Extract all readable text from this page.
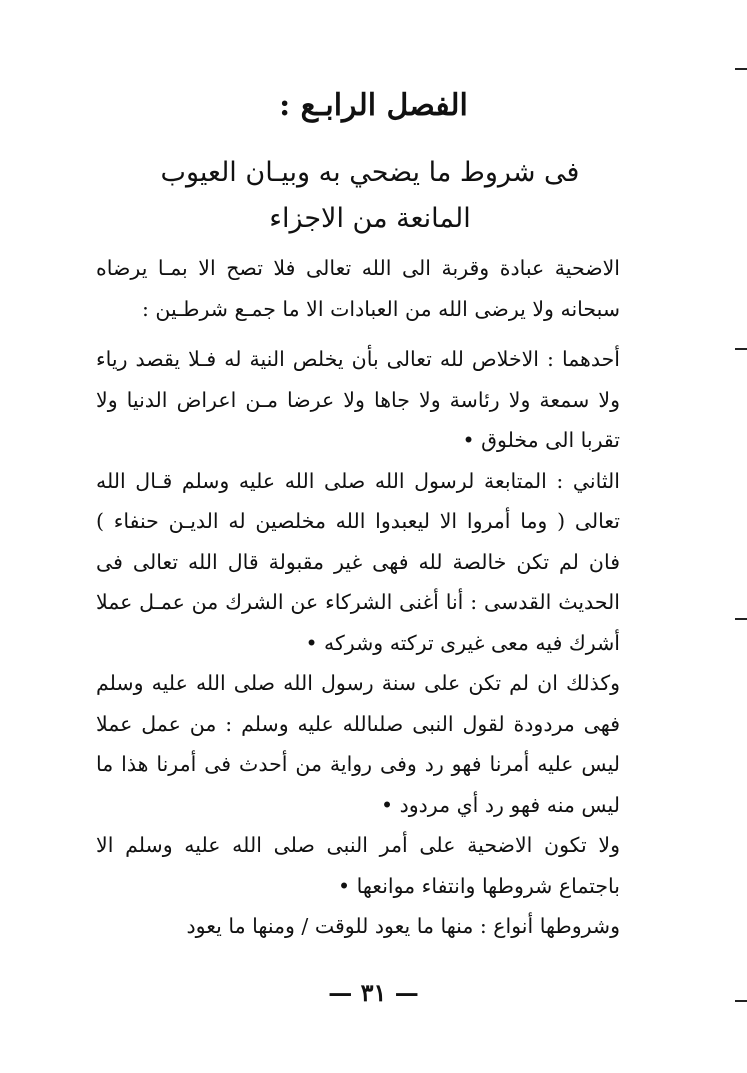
الفصل الرابـع :
فى شروط ما يضحي به وبيـان العيوب
المانعة من الاجزاء

الاضحية عبادة وقربة الى الله تعالى فلا تصح الا بمـا يرضاه سبحانه ولا يرضى الله من العبادات الا ما جمـع شرطـين :

أحدهما : الاخلاص لله تعالى بأن يخلص النية له فـلا يقصد رياء ولا سمعة ولا رئاسة ولا جاها ولا عرضا مـن اعراض الدنيا ولا تقربا الى مخلوق •

الثاني : المتابعة لرسول الله صلى الله عليه وسلم قـال الله تعالى ( وما أمروا الا ليعبدوا الله مخلصين له الديـن حنفاء ) فان لم تكن خالصة لله فهى غير مقبولة قال الله تعالى فى الحديث القدسى : أنا أغنى الشركاء عن الشرك من عمـل عملا أشرك فيه معى غيرى تركته وشركه •

وكذلك ان لم تكن على سنة رسول الله صلى الله عليه وسلم فهى مردودة لقول النبى صلىالله عليه وسلم : من عمل عملا ليس عليه أمرنا فهو رد وفى رواية من أحدث فى أمرنا هذا ما ليس منه فهو رد أي مردود •

ولا تكون الاضحية على أمر النبى صلى الله عليه وسلم الا باجتماع شروطها وانتفاء موانعها •

وشروطها أنواع : منها ما يعود للوقت / ومنها ما يعود

— ٣١ —
